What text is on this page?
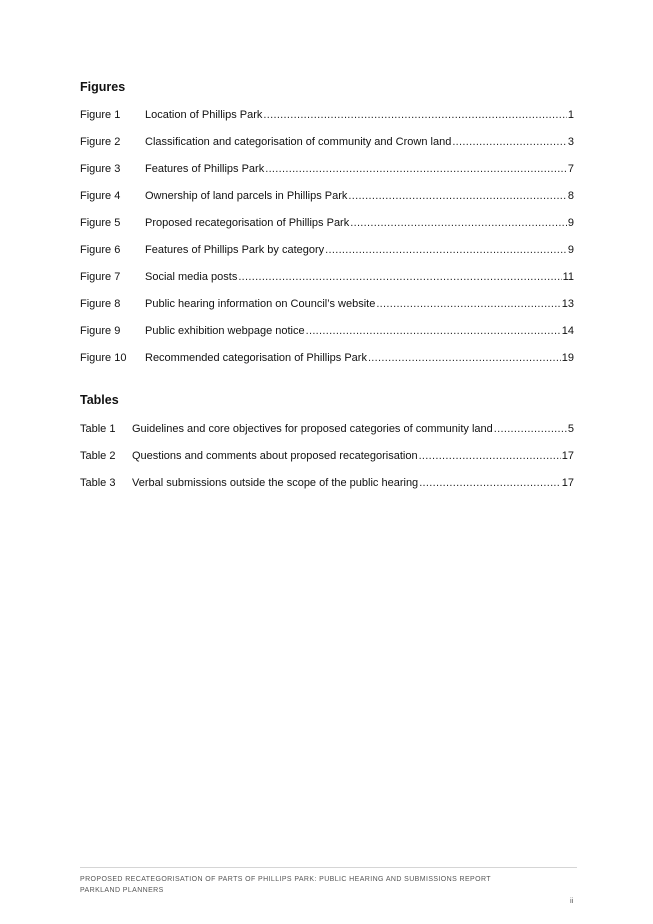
Figures
Figure 1	Location of Phillips Park .....	1
Figure 2	Classification and categorisation of community and Crown land .....	3
Figure 3	Features of Phillips Park .....	7
Figure 4	Ownership of land parcels in Phillips Park .....	8
Figure 5	Proposed recategorisation of Phillips Park .....	9
Figure 6	Features of Phillips Park by category .....	9
Figure 7	Social media posts .....	11
Figure 8	Public hearing information on Council’s website .....	13
Figure 9	Public exhibition webpage notice .....	14
Figure 10	Recommended categorisation of Phillips Park .....	19
Tables
Table 1	Guidelines and core objectives for proposed categories of community land .....	5
Table 2	Questions and comments about proposed recategorisation .....	17
Table 3	Verbal submissions outside the scope of the public hearing .....	17
PROPOSED RECATEGORISATION OF PARTS OF PHILLIPS PARK: PUBLIC HEARING AND SUBMISSIONS REPORT
PARKLAND PLANNERS
ii
